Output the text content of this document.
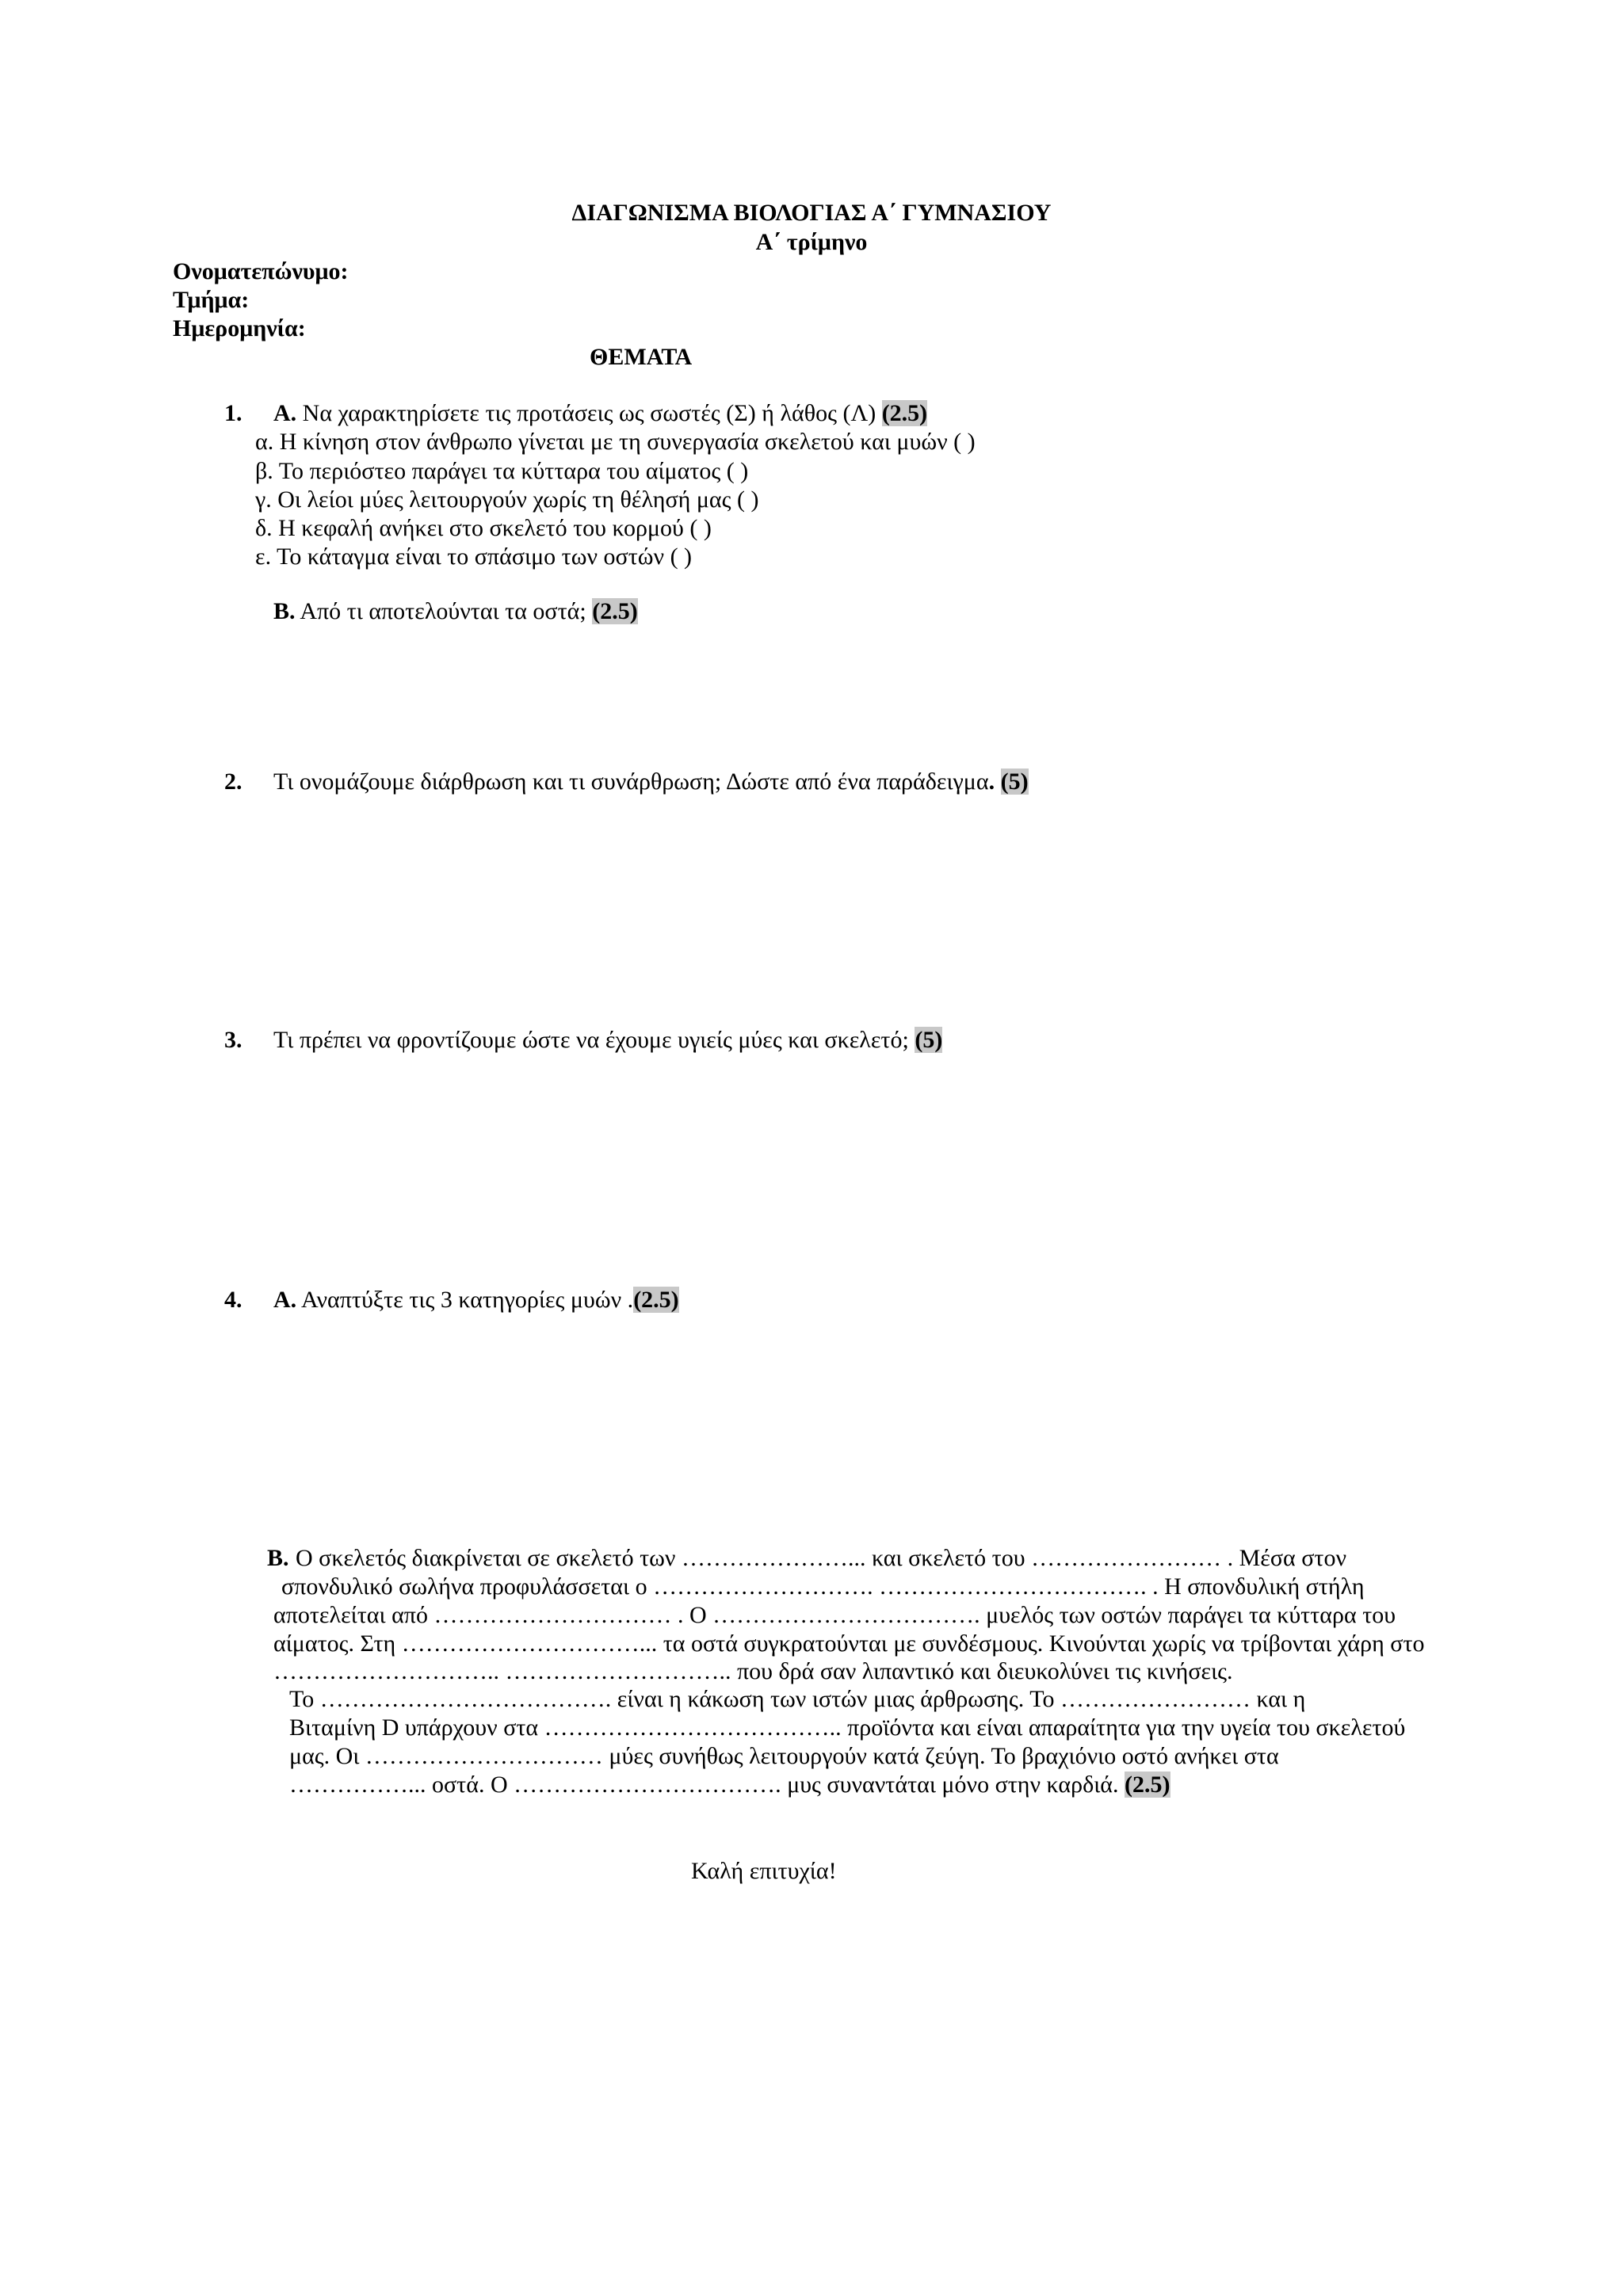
ΔΙΑΓΩΝΙΣΜΑ ΒΙΟΛΟΓΙΑΣ Α΄ ΓΥΜΝΑΣΙΟΥ
Α΄ τρίμηνο
Ονοματεπώνυμο:
Τμήμα:
Ημερομηνία:
ΘΕΜΑΤΑ
1. Α. Να χαρακτηρίσετε τις προτάσεις ως σωστές (Σ) ή λάθος (Λ) (2.5)
α. Η κίνηση στον άνθρωπο γίνεται με τη συνεργασία σκελετού και μυών ( )
β. Το περιόστεο παράγει τα κύτταρα του αίματος ( )
γ. Οι λείοι μύες λειτουργούν χωρίς τη θέλησή μας ( )
δ. Η κεφαλή ανήκει στο σκελετό του κορμού ( )
ε. Το κάταγμα είναι το σπάσιμο των οστών ( )
Β. Από τι αποτελούνται τα οστά; (2.5)
2. Τι ονομάζουμε διάρθρωση και τι συνάρθρωση; Δώστε από ένα παράδειγμα. (5)
3. Τι πρέπει να φροντίζουμε ώστε να έχουμε υγιείς μύες και σκελετό; (5)
4. Α. Αναπτύξτε τις 3 κατηγορίες μυών .(2.5)
Β. Ο σκελετός διακρίνεται σε σκελετό των …………………... και σκελετό του …………………… . Μέσα στον
σπονδυλικό σωλήνα προφυλάσσεται ο ………………………. ……………………………. . Η σπονδυλική στήλη
αποτελείται από ………………………… . Ο ……………………………. μυελός των οστών παράγει τα κύτταρα του
αίματος. Στη …………………………... τα οστά συγκρατούνται με συνδέσμους. Κινούνται χωρίς να τρίβονται χάρη στο
……………………….. ……………………….. που δρά σαν λιπαντικό και διευκολύνει τις κινήσεις.
Το ………………………………. είναι η κάκωση των ιστών μιας άρθρωσης. Το …………………… και η
Βιταμίνη D υπάρχουν στα ……………………………….. προϊόντα και είναι απαραίτητα για την υγεία του σκελετού
μας. Οι ………………………… μύες συνήθως λειτουργούν κατά ζεύγη. Το βραχιόνιο οστό ανήκει στα
……………... οστά. Ο ……………………………. μυς συναντάται μόνο στην καρδιά. (2.5)
Καλή επιτυχία!
